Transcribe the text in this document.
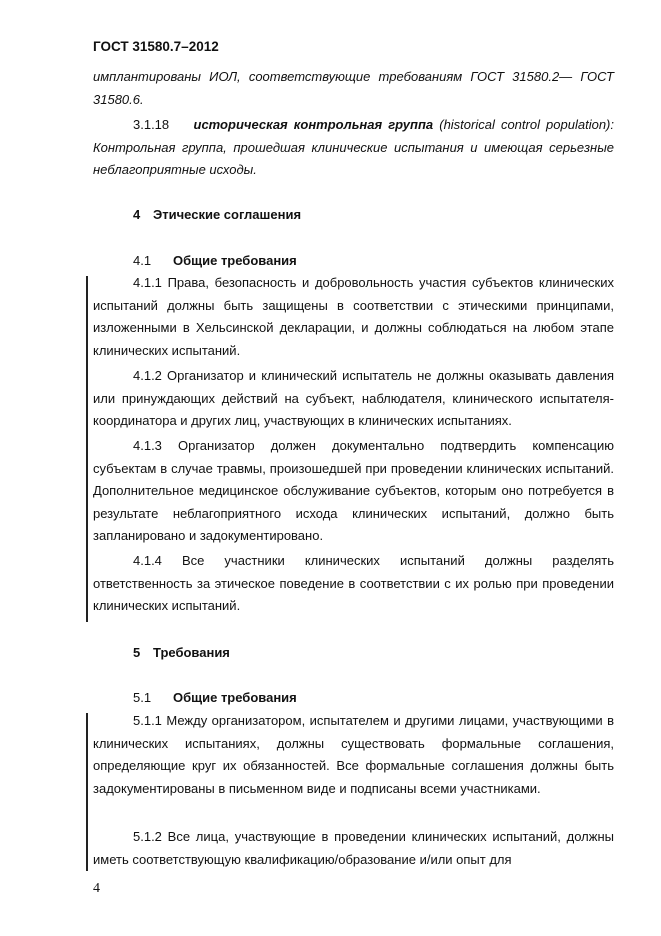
ГОСТ 31580.7–2012
имплантированы ИОЛ, соответствующие требованиям ГОСТ 31580.2— ГОСТ 31580.6.
3.1.18 историческая контрольная группа (historical control population): Контрольная группа, прошедшая клинические испытания и имеющая серьезные неблагоприятные исходы.
4 Этические соглашения
4.1 Общие требования
4.1.1 Права, безопасность и добровольность участия субъектов клинических испытаний должны быть защищены в соответствии с этическими принципами, изложенными в Хельсинской декларации, и должны соблюдаться на любом этапе клинических испытаний.
4.1.2 Организатор и клинический испытатель не должны оказывать давления или принуждающих действий на субъект, наблюдателя, клинического испытателя-координатора и других лиц, участвующих в клинических испытаниях.
4.1.3 Организатор должен документально подтвердить компенсацию субъектам в случае травмы, произошедшей при проведении клинических испытаний. Дополнительное медицинское обслуживание субъектов, которым оно потребуется в результате неблагоприятного исхода клинических испытаний, должно быть запланировано и задокументировано.
4.1.4 Все участники клинических испытаний должны разделять ответственность за этическое поведение в соответствии с их ролью при проведении клинических испытаний.
5 Требования
5.1 Общие требования
5.1.1 Между организатором, испытателем и другими лицами, участвующими в клинических испытаниях, должны существовать формальные соглашения, определяющие круг их обязанностей. Все формальные соглашения должны быть задокументированы в письменном виде и подписаны всеми участниками.
5.1.2 Все лица, участвующие в проведении клинических испытаний, должны иметь соответствующую квалификацию/образование и/или опыт для
4
